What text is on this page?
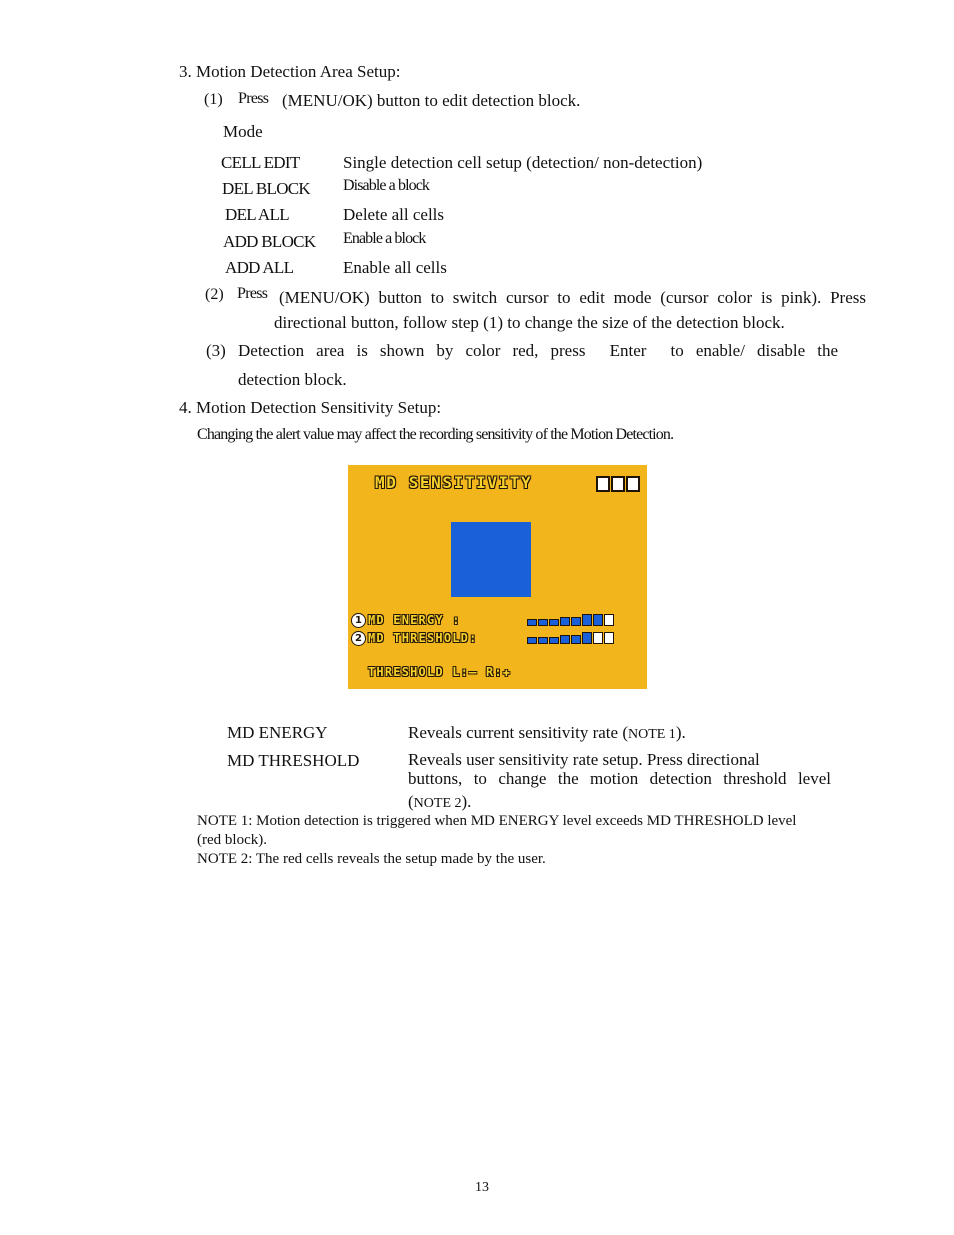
3. Motion Detection Area Setup:
(1) Press (MENU/OK) button to edit detection block.
Mode
CELL EDIT	Single detection cell setup (detection/ non-detection)
DEL BLOCK Disable a block
DEL ALL	Delete all cells
ADD BLOCK Enable a block
ADD ALL	Enable all cells
(2) Press (MENU/OK) button to switch cursor to edit mode (cursor color is pink). Press
directional button, follow step (1) to change the size of the detection block.
(3) Detection area is shown by color red, press  Enter  to enable/ disable the
detection block.
4. Motion Detection Sensitivity Setup:
Changing the alert value may affect the recording sensitivity of the Motion Detection.
MD SENSITIVITY
1 MD ENERGY :
2 MD THRESHOLD:
THRESHOLD L:— R:✚
MD ENERGY	Reveals current sensitivity rate (NOTE 1).
MD THRESHOLD	Reveals user sensitivity rate setup. Press directional
buttons, to change the motion detection threshold level
(NOTE 2).
NOTE 1: Motion detection is triggered when MD ENERGY level exceeds MD THRESHOLD level
(red block).
NOTE 2: The red cells reveals the setup made by the user.
13
